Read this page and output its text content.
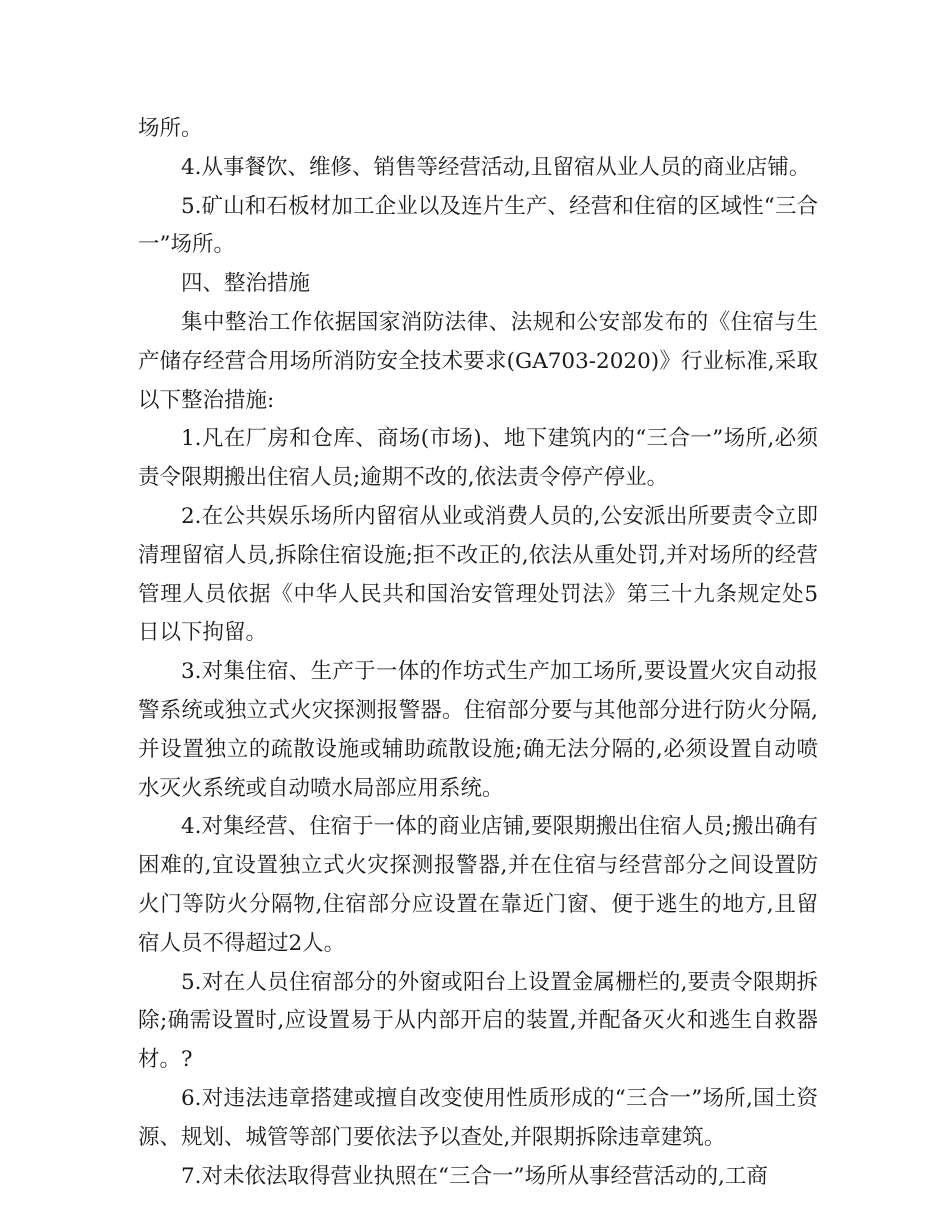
场所。

4.从事餐饮、维修、销售等经营活动,且留宿从业人员的商业店铺。

5.矿山和石板材加工企业以及连片生产、经营和住宿的区域性“三合一”场所。

四、整治措施

集中整治工作依据国家消防法律、法规和公安部发布的《住宿与生产储存经营合用场所消防安全技术要求(GA703-2020)》行业标准,采取以下整治措施:

1.凡在厂房和仓库、商场(市场)、地下建筑内的“三合一”场所,必须责令限期搬出住宿人员;逾期不改的,依法责令停产停业。

2.在公共娱乐场所内留宿从业或消费人员的,公安派出所要责令立即清理留宿人员,拆除住宿设施;拒不改正的,依法从重处罚,并对场所的经营管理人员依据《中华人民共和国治安管理处罚法》第三十九条规定处5日以下拘留。

3.对集住宿、生产于一体的作坊式生产加工场所,要设置火灾自动报警系统或独立式火灾探测报警器。住宿部分要与其他部分进行防火分隔,并设置独立的疏散设施或辅助疏散设施;确无法分隔的,必须设置自动喷水灭火系统或自动喷水局部应用系统。

4.对集经营、住宿于一体的商业店铺,要限期搬出住宿人员;搬出确有困难的,宜设置独立式火灾探测报警器,并在住宿与经营部分之间设置防火门等防火分隔物,住宿部分应设置在靠近门窗、便于逃生的地方,且留宿人员不得超过2人。

5.对在人员住宿部分的外窗或阳台上设置金属栅栏的,要责令限期拆除;确需设置时,应设置易于从内部开启的装置,并配备灭火和逃生自救器材。?

6.对违法违章搭建或擅自改变使用性质形成的“三合一”场所,国土资源、规划、城管等部门要依法予以查处,并限期拆除违章建筑。

7.对未依法取得营业执照在“三合一”场所从事经营活动的,工商
